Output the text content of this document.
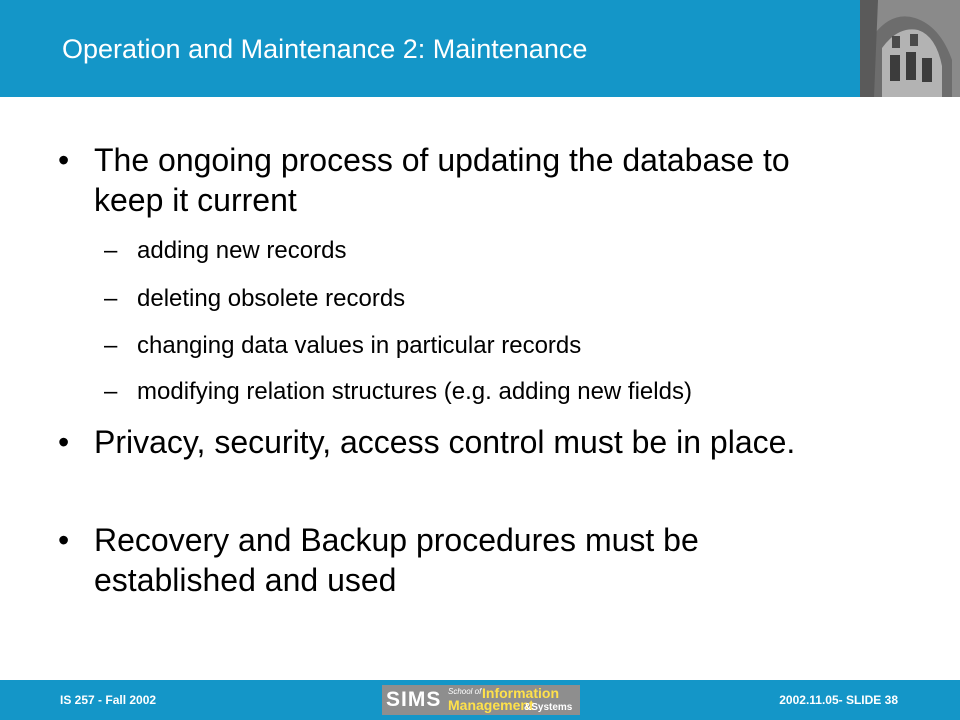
Operation and Maintenance 2: Maintenance
• The ongoing process of updating the database to keep it current
– adding new records
– deleting obsolete records
– changing data values in particular records
– modifying relation structures (e.g. adding new fields)
• Privacy, security, access control must be in place.
• Recovery and Backup procedures must be established and used
IS 257 - Fall 2002	SIMS School of Information
Management
&Systems
2002.11.05- SLIDE 38
